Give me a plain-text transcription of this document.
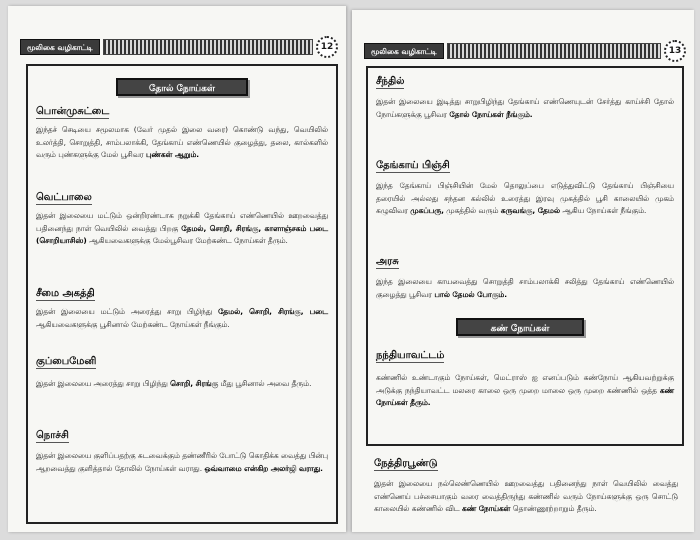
மூலிகை வழிகாட்டி	12
தோல் நோய்கள்
பொன்முசுட்டை
இந்தச் செடியை சமூலமாக (வேர் முதல் இலை வரை) கொண்டு வந்து, வெயிலில் உலர்த்தி, சொறுத்தி, சாம்பலாக்கி, தேங்காய் எண்ணெயில் குழைத்து, தலை, கால்களில் வரும் புண்களுக்கு மேல் பூசிவர புண்கள் ஆறும்.
வெட்பாலை
இதன் இலையை மட்டும் ஒன்றிரண்டாக நறுக்கி தேங்காய் எண்ணெயில் ஊறவைத்து பதினைந்து நாள் வெயிலில் வைத்து பிறகு தேமல், சொறி, சிரங்கு, காளாஞ்சகம் படை (சொறியாசிஸ்) ஆகியவைகளுக்கு மேல்பூசிவர மேற்கண்ட நோய்கள் தீரும்.
சீமை அகத்தி
இதன் இலையை மட்டும் அரைத்து சாறு பிழிந்து தேமல், சொறி, சிரங்கு, படை ஆகியவைகளுக்கு பூசினால் மேற்கண்ட நோய்கள் நீங்கும்.
குப்பைமேனி
இதன் இலையை அரைத்து சாறு பிழிந்து சொறி, சிரங்கு மீது பூசினால் அவை தீரும்.
நொச்சி
இதன் இலையை குளிப்பதற்கு சுடவைக்கும் தண்ணீரில் போட்டு கொதிக்க வைத்து பின்பு ஆறவைத்து குளித்தால் தோலில் நோய்கள் வராது. ஒவ்வாமை என்கிற அலர்ஜி வராது.
மூலிகை வழிகாட்டி	13
சீந்தில்
இதன் இலையை இடித்து சாறுபிழிந்து தேங்காய் எண்ணெயுடன் சேர்த்து காய்ச்சி தோல் நோய்களுக்கு பூசிவர தோல் நோய்கள் நீங்கும்.
தேங்காய் பிஞ்சி
இந்த தேங்காய் பிஞ்சியின் மேல் தொலுப்பை எடுத்துவிட்டு தேங்காய் பிஞ்சியை தரையில் அல்லது சந்தன கல்லில் உரைத்து இரவு முகத்தில் பூசி காலையில் முகம் கழுவிவர முகப்பரு, முகத்தில் வரும் கருவங்கு, தேமல் ஆகிய நோய்கள் நீங்கும்.
அரசு
இந்த இலையை காயவைத்து சொறுத்தி சாம்பலாக்கி சலித்து தேங்காய் எண்ணெயில் குழைத்து பூசிவர பால் தேமல் போகும்.
கண் நோய்கள்
நந்தியாவட்டம்
கண்ணில் உண்டாகும் நோய்கள், மெட்ராஸ் ஐ எனப்படும் கண்நோய் ஆகியவற்றுக்கு அடுக்கு நந்தியாவட்ட மலரை காலை ஒரு முறை மாலை ஒரு முறை கண்ணில் ஒத்த கண் நோய்கள் தீரும்.
நேத்திரபூண்டு
இதன் இலையை நல்லெண்ணெயில் ஊறவைத்து பதினைந்து நாள் வெயிலில் வைத்து எண்ணெய் பச்சையாகும் வரை வைத்திருந்து கண்ணில் வரும் நோய்களுக்கு ஒரு சொட்டு காலையில் கண்ணில் விட கண் நோய்கள் தொண்ணூற்றாறும் தீரும்.
